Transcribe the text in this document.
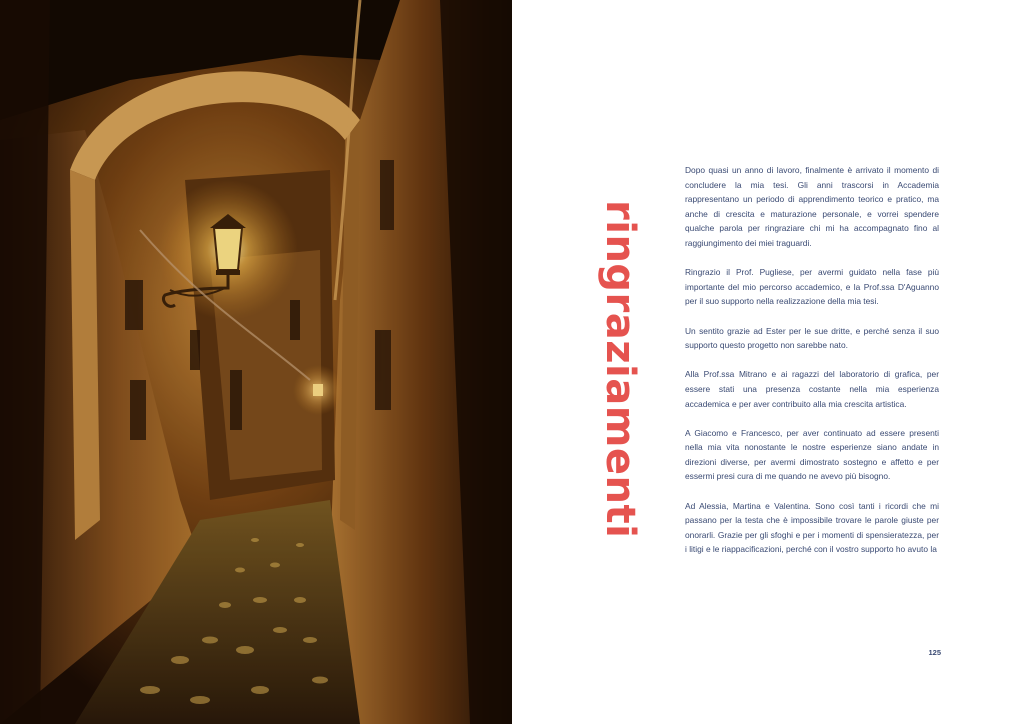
ringraziamenti

Dopo quasi un anno di lavoro, finalmente è arrivato il momento di concludere la mia tesi. Gli anni trascorsi in Accademia rappresentano un periodo di apprendimento teorico e pratico, ma anche di crescita e maturazione personale, e vorrei spendere qualche parola per ringraziare chi mi ha accompagnato fino al raggiungimento dei miei traguardi.

Ringrazio il Prof. Pugliese, per avermi guidato nella fase più importante del mio percorso accademico, e la Prof.ssa D'Aguanno per il suo supporto nella realizzazione della mia tesi.

Un sentito grazie ad Ester per le sue dritte, e perché senza il suo supporto questo progetto non sarebbe nato.

Alla Prof.ssa Mitrano e ai ragazzi del laboratorio di grafica, per essere stati una presenza costante nella mia esperienza accademica e per aver contribuito alla mia crescita artistica.

A Giacomo e Francesco, per aver continuato ad essere presenti nella mia vita nonostante le nostre esperienze siano andate in direzioni diverse, per avermi dimostrato sostegno e affetto e per essermi presi cura di me quando ne avevo più bisogno.

Ad Alessia, Martina e Valentina. Sono così tanti i ricordi che mi passano per la testa che è impossibile trovare le parole giuste per onorarli. Grazie per gli sfoghi e per i momenti di spensieratezza, per i litigi e le riappacificazioni, perché con il vostro supporto ho avuto la

125
